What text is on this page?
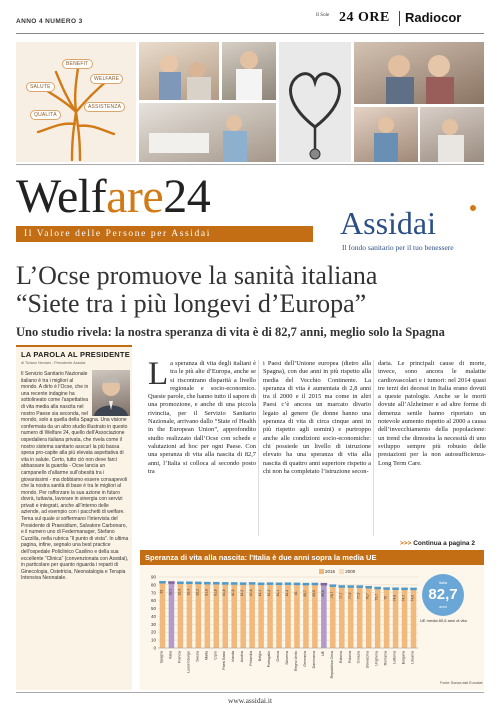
ANNO 4 NUMERO 3
Il Sole 24 ORE Radiocor
BENEFIT
SALUTE
WELFARE
QUALITÀ
ASSISTENZA
Welfare24
Il Valore delle Persone per Assidai	Assidai
Il fondo sanitario per il tuo benessere
L’Ocse promuove la sanità italiana
“Siete tra i più longevi d’Europa”
Uno studio rivela: la nostra speranza di vita è di 82,7 anni, meglio solo la Spagna
LA PAROLA AL PRESIDENTE
di Tiziano Neviani - Presidente Assidai
Il Servizio Sanitario Nazionale italiano è tra i migliori al mondo. A dirlo è l’Ocse, che in una recente indagine ha sottolineato come l’aspettativa di vita media alla nascita nel nostro Paese sia seconda, nel mondo, solo a quella della Spagna. Una visione confermata da un altro studio illustrato in questo numero di Welfare 24, quello dell’Associazione ospedaliera italiana privata, che rivela come il nostro sistema sanitario asscurì la più bassa spesa pro-capite alla più elevata aspettativa di vita in salute. Certo, tutto ciò non deve farci abbassare la guardia - Ocse lancia un campanello d’allarme sull’obesità tra i giovanissimi - ma dobbiamo essere consapevoli che la nostra sanità di base è tra le migliori al mondo. Per rafforzare la sua azione in futuro dovrà, tuttavia, lavorare in sinergia con servizi privati e integrati, anche all’interno delle aziende, ad esempio con i pacchetti di welfare. Tema sul quale si soffermano l’intervista del Presidente di Praesidium, Salvatore Carbonaro, e il numero uno di Federmanager, Stefano Cuzzilla, nella rubrica “Il punto di vista”. In ultima pagina, infine, segnalo una best practice dell’ospedale Policlinico Casilino e della sua eccellente “Clinica” (convenzionata con Assidai), in particolare per quanto riguarda i reparti di Ginecologia, Ostetricia, Neonatalogia e Terapia Intensiva Neonatale.
La speranza di vita degli italiani è tra le più alte d’Europa, anche se si riscontrano disparità a livello regionale e socio-economico. Queste parole, che hanno tutto il sapore di una promozione, e anche di una piccola rivincita, per il Servizio Sanitario Nazionale, arrivano dallo “State of Health in the European Union”, approfondito studio realizzato dall’Ocse con schede e valutazioni ad hoc per ogni Paese. Con una speranza di vita alla nascita di 82,7 anni, l’Italia si colloca al secondo posto tra
i Paesi dell’Unione europea (dietro alla Spagna), con due anni in più rispetto alla media del Vecchio Continente. La speranza di vita è aumentata di 2,8 anni tra il 2000 e il 2015 ma come in altri Paesi c’è ancora un marcato divario legato al genere (le donne hanno una speranza di vita di circa cinque anni in più rispetto agli uomini) e purtroppo anche alle condizioni socio-economiche: chi possiede un livello di istruzione elevato ha una speranza di vita alla nascita di quattro anni superiore rispetto a chi non ha completato l’istruzione secon-
daria. Le principali cause di morte, invece, sono ancora le malattie cardiovascolari e i tumori: nel 2014 quasi tre terzi dei decessi in Italia erano dovuti a queste patologie. Anche se le morti dovute all’Alzheimer e ad altre forme di demenza senile hanno riportato un notevole aumento rispetto al 2000 a causa dell’invecchiamento della popolazione: un trend che dimostra la necessità di uno sviluppo sempre più robusto delle prestazioni per la non autosufficienza-Long Term Care.
>>> Continua a pagina 2
Speranza di vita alla nascita: l'Italia è due anni sopra la media UE
0
10
20
30
40
50
60
70
80
90
83
Spagna
82,7
Italia
82,4
Francia
82,4
Lussemburgo
82,2
Svezia
81,9
Malta
81,8
Cipro
81,6
Paesi Bassi
81,5
Irlanda
81,3
Austria
81,6
Finlandia
81,1
Belgio
81,3
Portogallo
81,1
Grecia
81,2
Slovenia
81
Regno Unito
80,7
Germania
80,8
Danimarca
80,6
UE
78,7
Repubblica Ceca
77,7
Estonia
77,6
Polonia
77,5
Croazia
76,7
Slovacchia
75,7
Ungheria
75
Romania
74,8
Lettonia
74,7
Bulgaria
74,6
Lituania
2015 2000
Italia
82,7
anni
UE media 80,6 anni di vita
Fonte: Banca dati Eurostat
www.assidai.it
